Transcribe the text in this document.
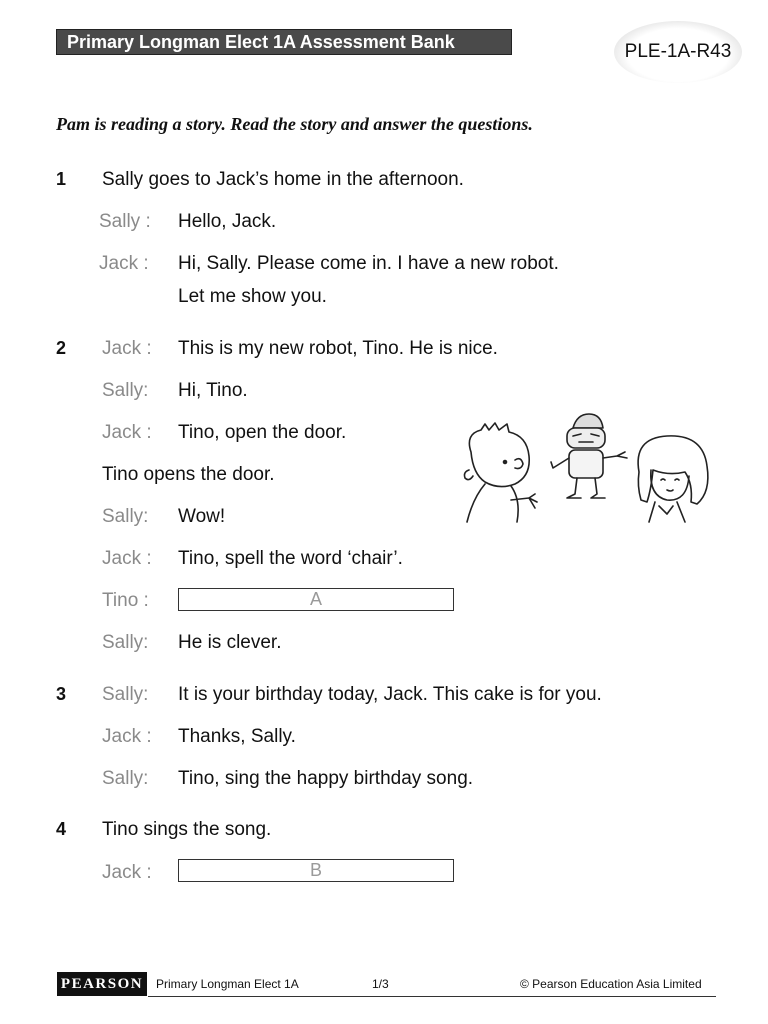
Primary Longman Elect 1A Assessment Bank	PLE-1A-R43
Pam is reading a story. Read the story and answer the questions.
1 Sally goes to Jack’s home in the afternoon.
Sally : Hello, Jack.
Jack : Hi, Sally. Please come in. I have a new robot.
Let me show you.
2 Jack : This is my new robot, Tino. He is nice.
Sally: Hi, Tino.
Jack : Tino, open the door.
Tino opens the door.
Sally: Wow!
Jack : Tino, spell the word ‘chair’.
Tino :	A
Sally: He is clever.
3 Sally: It is your birthday today, Jack. This cake is for you.
Jack : Thanks, Sally.
Sally: Tino, sing the happy birthday song.
4 Tino sings the song.
Jack :	B
PEARSON	Primary Longman Elect 1A	1/3	© Pearson Education Asia Limited
